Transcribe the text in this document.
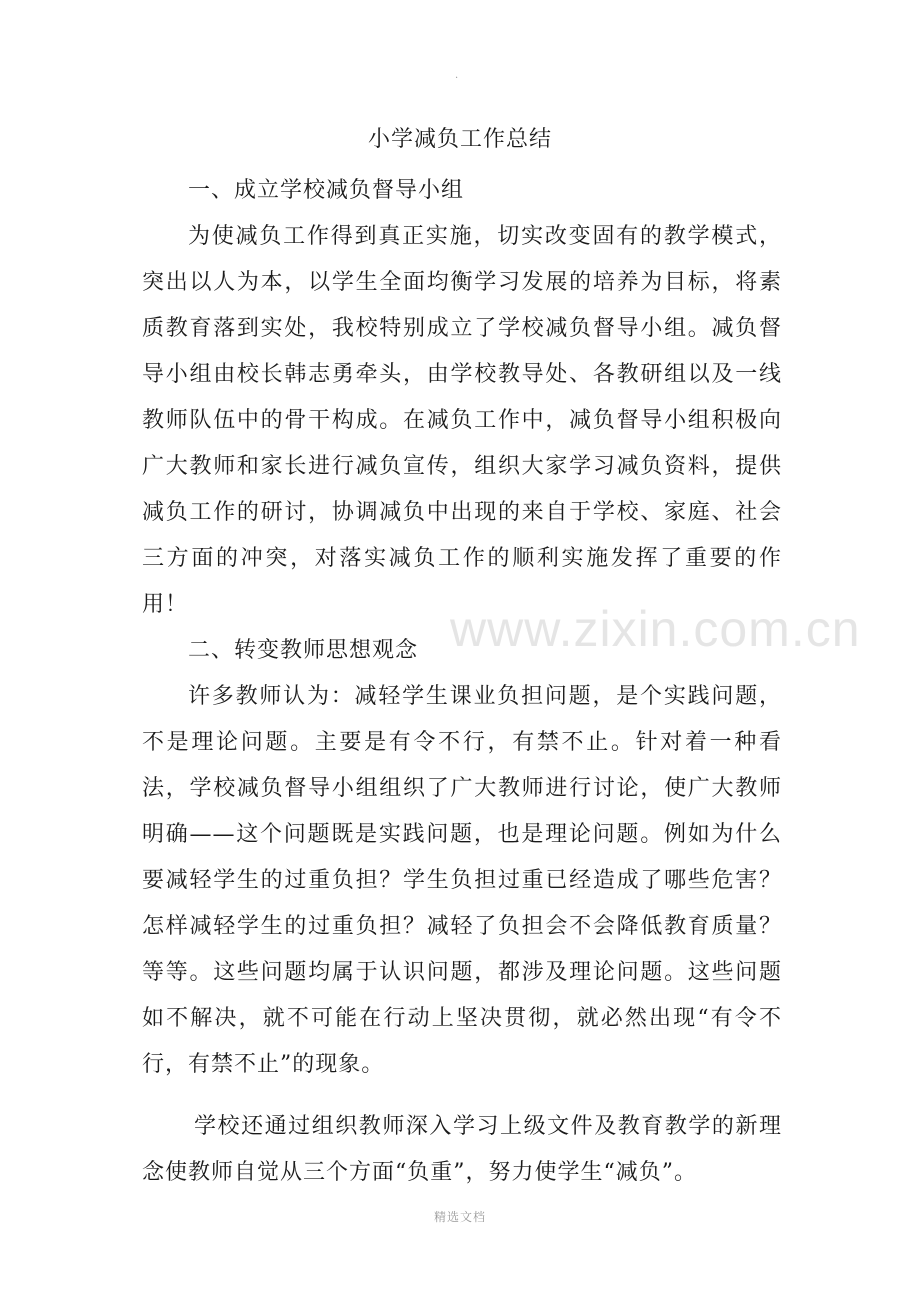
.
小学减负工作总结

一、成立学校减负督导小组

为使减负工作得到真正实施，切实改变固有的教学模式，突出以人为本，以学生全面均衡学习发展的培养为目标，将素质教育落到实处，我校特别成立了学校减负督导小组。减负督导小组由校长韩志勇牵头，由学校教导处、各教研组以及一线教师队伍中的骨干构成。在减负工作中，减负督导小组积极向广大教师和家长进行减负宣传，组织大家学习减负资料，提供减负工作的研讨，协调减负中出现的来自于学校、家庭、社会三方面的冲突，对落实减负工作的顺利实施发挥了重要的作用！

二、转变教师思想观念

许多教师认为：减轻学生课业负担问题，是个实践问题，不是理论问题。主要是有令不行，有禁不止。针对着一种看法，学校减负督导小组组织了广大教师进行讨论，使广大教师明确——这个问题既是实践问题，也是理论问题。例如为什么要减轻学生的过重负担？学生负担过重已经造成了哪些危害？怎样减轻学生的过重负担？减轻了负担会不会降低教育质量？等等。这些问题均属于认识问题，都涉及理论问题。这些问题如不解决，就不可能在行动上坚决贯彻，就必然出现“有令不行，有禁不止”的现象。

学校还通过组织教师深入学习上级文件及教育教学的新理念使教师自觉从三个方面“负重”，努力使学生“减负”。

www.zixin.com.cn
精选文档
